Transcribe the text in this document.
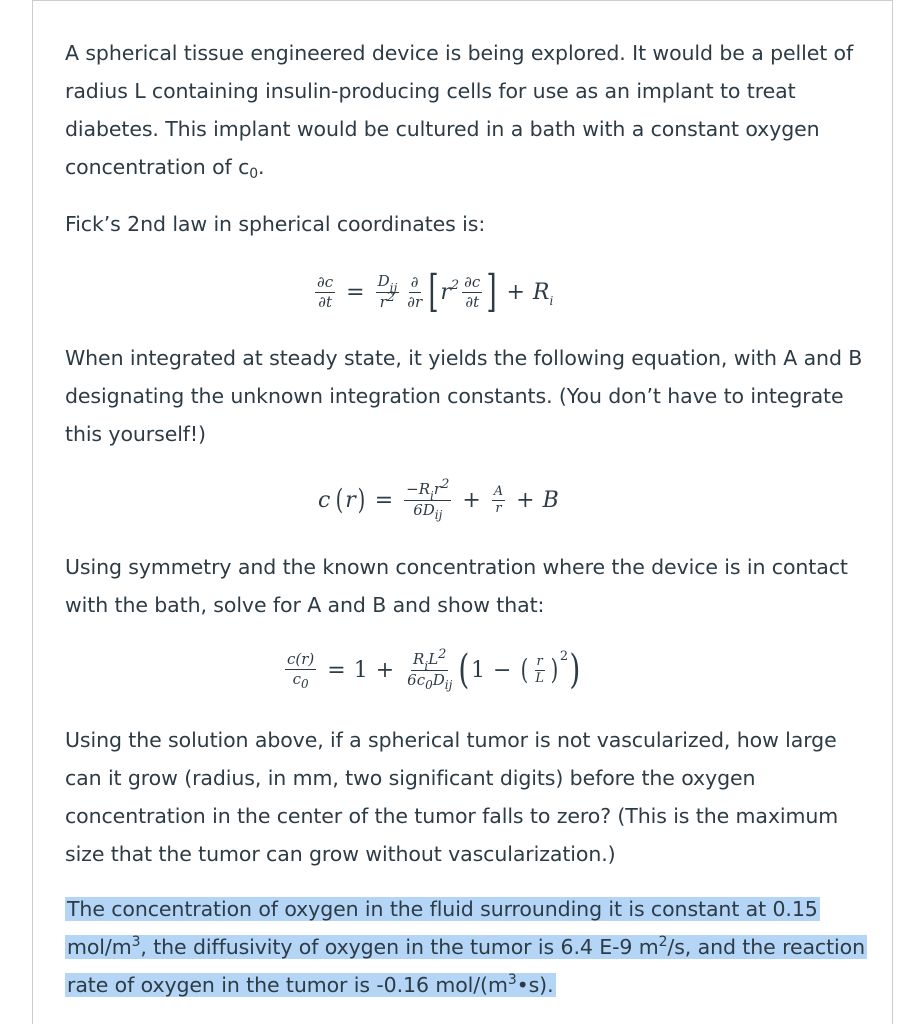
A spherical tissue engineered device is being explored. It would be a pellet of radius L containing insulin-producing cells for use as an implant to treat diabetes. This implant would be cultured in a bath with a constant oxygen concentration of $c_0$.
Fick’s 2nd law in spherical coordinates is:
$\frac{\partial c}{\partial t} = \frac{D_{ij}}{r2} \frac{\partial}{\partial r}$ [ $r^2 \frac{\partial c}{\partial t}$ ] + $R_i$
When integrated at steady state, it yields the following equation, with A and B designating the unknown integration constants. (You don’t have to integrate this yourself!)
c ( r ) = $\frac{-R_ir2}{6D_{ij}} + \frac{A}{r} + B$
Using symmetry and the known concentration where the device is in contact with the bath, solve for A and B and show that:
$\frac{c(r)}{c_0} = 1 + \frac{R_iL2}{6c_0D_{ij}}$ ( 1 − ( $\frac{r}{L}$ ) 2 )
Using the solution above, if a spherical tumor is not vascularized, how large can it grow (radius, in mm, two significant digits) before the oxygen concentration in the center of the tumor falls to zero? (This is the maximum size that the tumor can grow without vascularization.)
The concentration of oxygen in the fluid surrounding it is constant at 0.15 mol/$m^3$, the diffusivity of oxygen in the tumor is 6.4 E-9 $m^2/s$, and the reaction rate of oxygen in the tumor is -0.16 mol/$(m^3•s)$.
